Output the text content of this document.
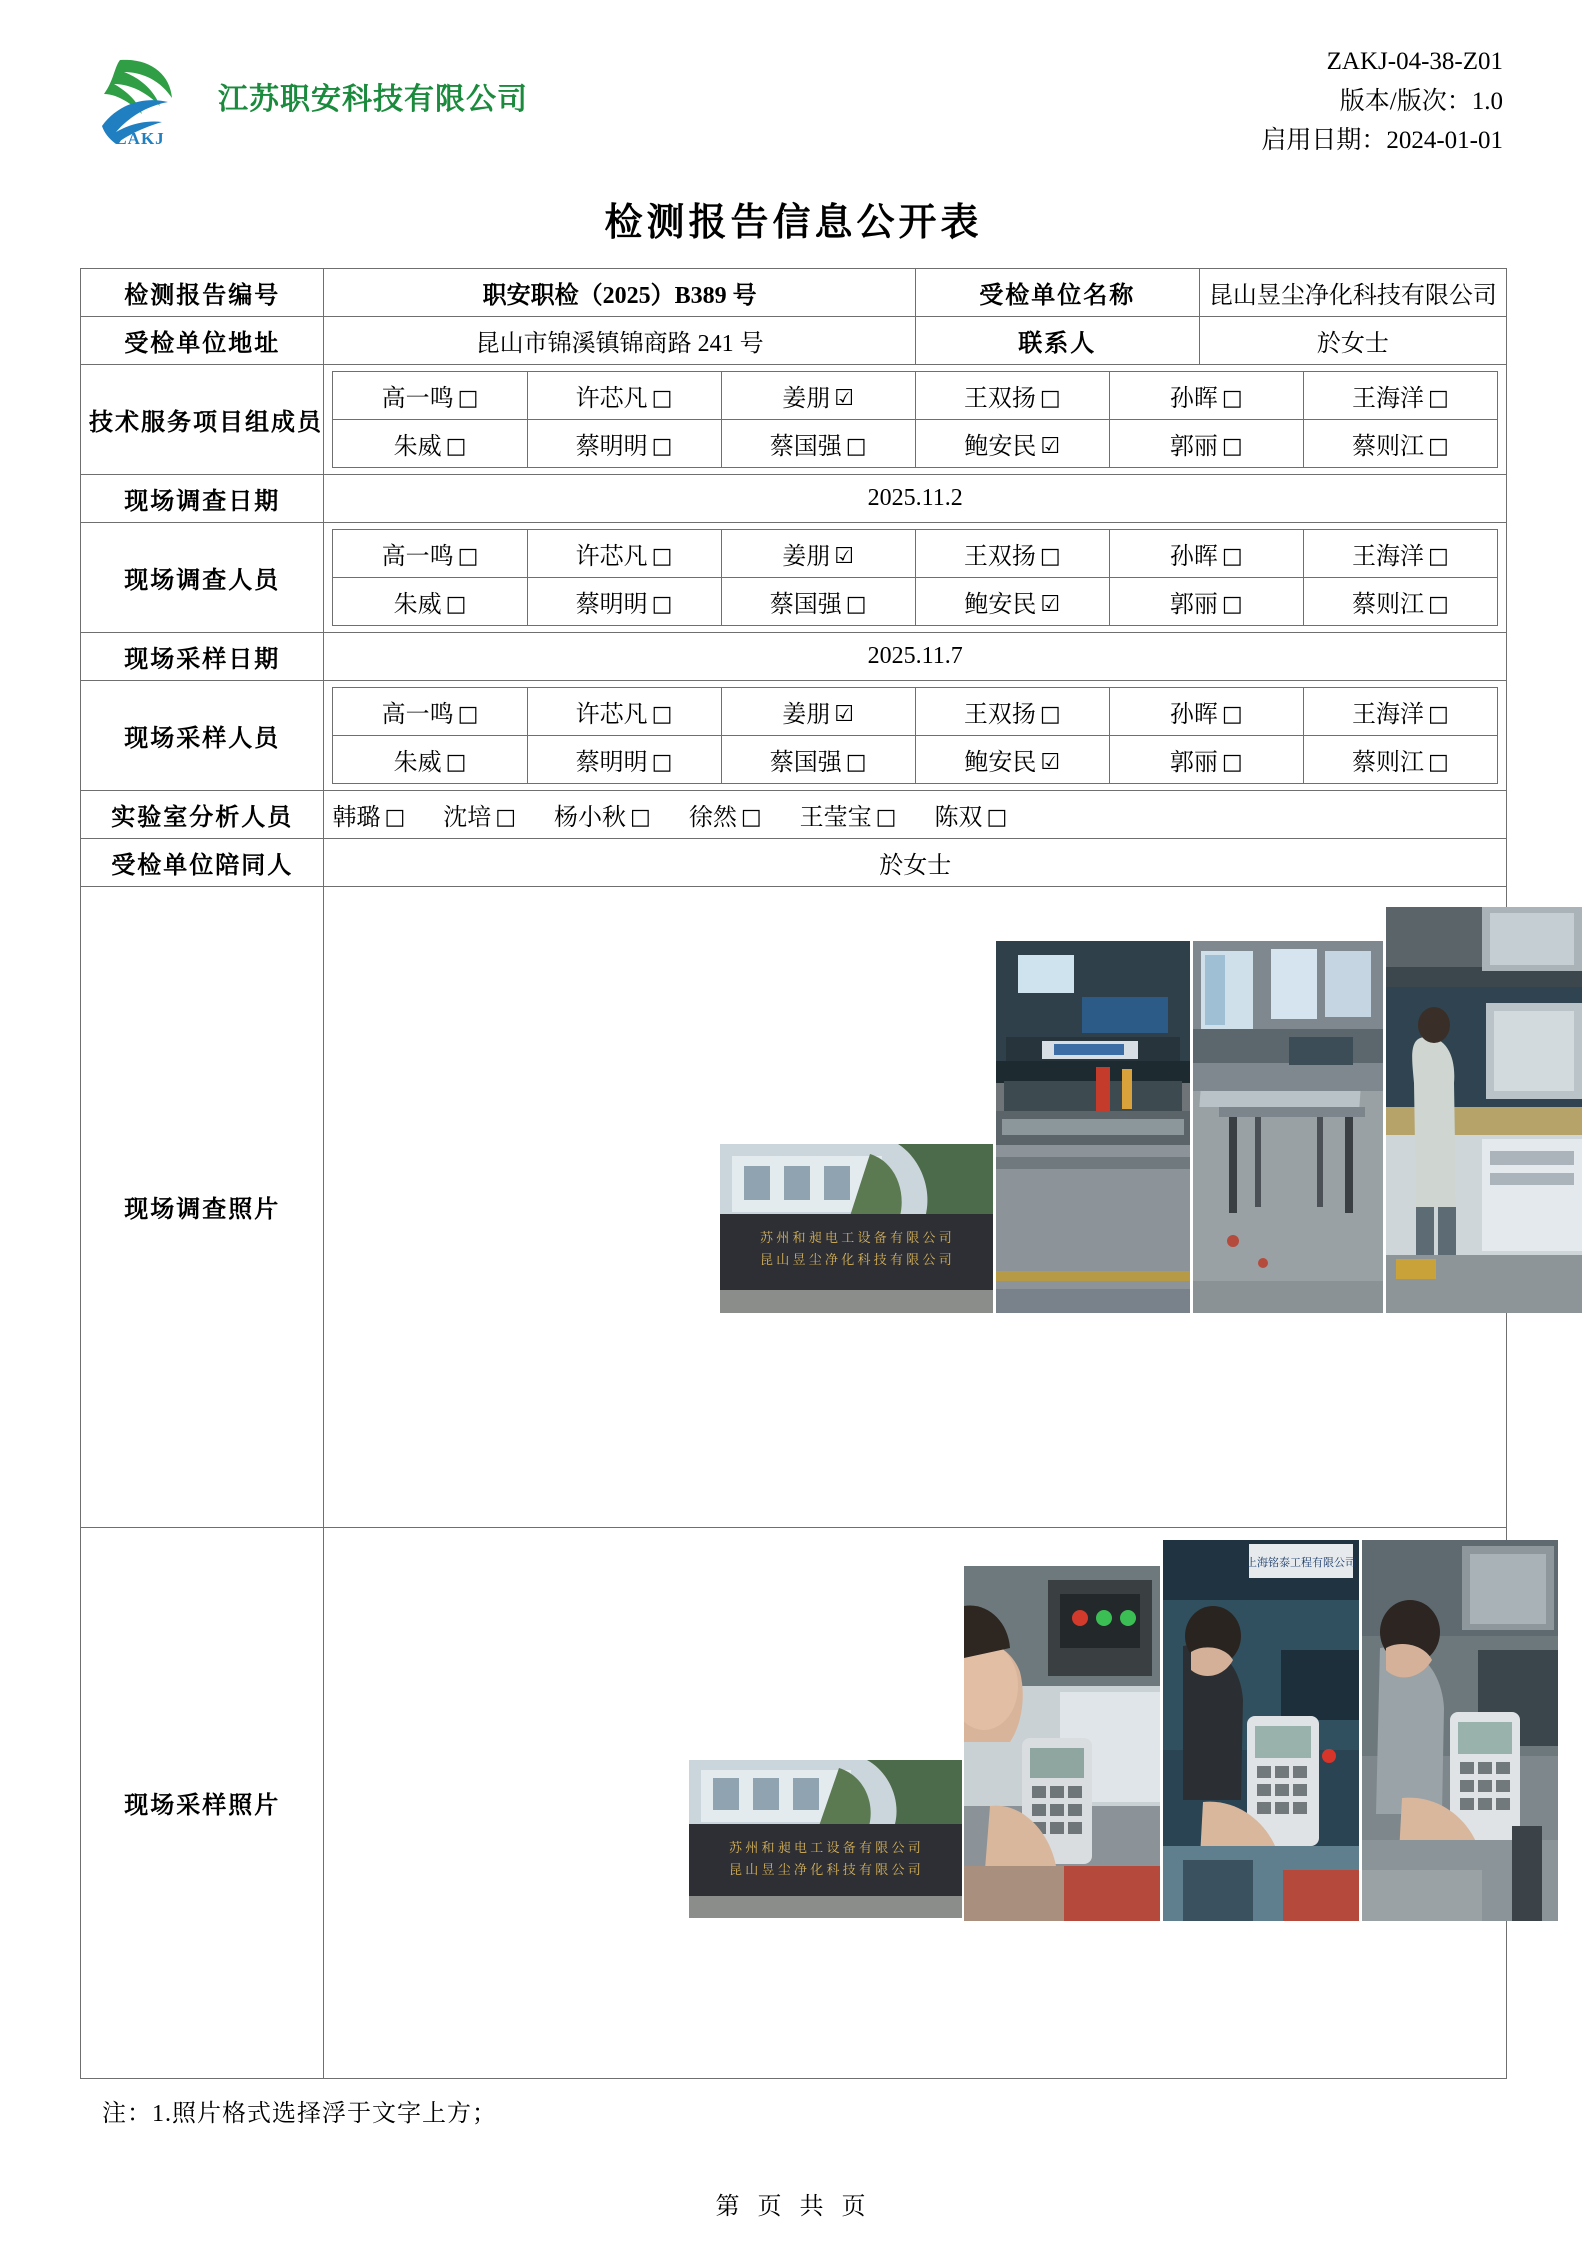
ZAKJ
江苏职安科技有限公司
ZAKJ-04-38-Z01
版本/版次：1.0
启用日期：2024-01-01
检测报告信息公开表
检测报告编号	职安职检（2025）B389 号	受检单位名称	昆山昱尘净化科技有限公司
受检单位地址	昆山市锦溪镇锦商路 241 号	联系人	於女士
技术服务项目组成员	
高一鸣 □	许芯凡 □	姜朋 ☑	王双扬 □	孙晖 □	王海洋 □
朱威 □	蔡明明 □	蔡国强 □	鲍安民 ☑	郭丽 □	蔡则江 □

现场调查日期	2025.11.2
现场调查人员	
高一鸣 □	许芯凡 □	姜朋 ☑	王双扬 □	孙晖 □	王海洋 □
朱威 □	蔡明明 □	蔡国强 □	鲍安民 ☑	郭丽 □	蔡则江 □

现场采样日期	2025.11.7
现场采样人员	
高一鸣 □	许芯凡 □	姜朋 ☑	王双扬 □	孙晖 □	王海洋 □
朱威 □	蔡明明 □	蔡国强 □	鲍安民 ☑	郭丽 □	蔡则江 □

实验室分析人员	韩璐 □ 沈培 □ 杨小秋 □ 徐然 □ 王莹宝 □ 陈双 □
受检单位陪同人	於女士
现场调查照片	
苏 州 和 昶 电 工 设 备 有 限 公 司
昆 山 昱 尘 净 化 科 技 有 限 公 司

现场采样照片	
苏 州 和 昶 电 工 设 备 有 限 公 司
昆 山 昱 尘 净 化 科 技 有 限 公 司
上海铭泰工程有限公司
注：1.照片格式选择浮于文字上方；
第 页 共 页
